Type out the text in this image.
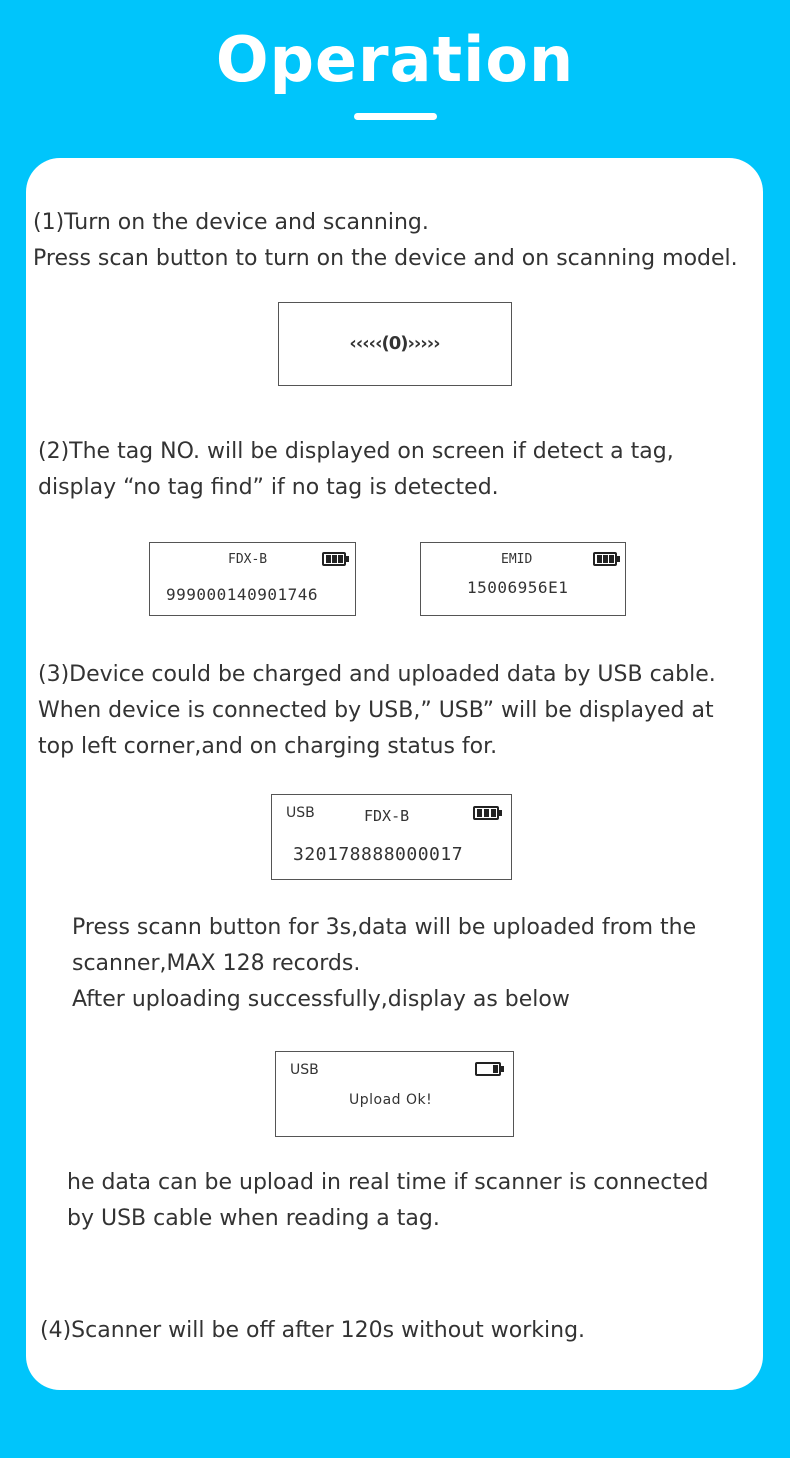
Operation
(1)Turn on the device and scanning.
Press scan button to turn on the device and on scanning model.
‹‹‹‹‹(0)›››››
(2)The tag NO. will be displayed on screen if detect a tag,
display “no tag find” if no tag is detected.
FDX-B
999000140901746
EMID
15006956E1
(3)Device could be charged and uploaded data by USB cable.
When device is connected by USB,” USB” will be displayed at
top left corner,and on charging status for.
USB	FDX-B
320178888000017
Press scann button for 3s,data will be uploaded from the
scanner,MAX 128 records.
After uploading successfully,display as below
USB
Upload Ok!
he data can be upload in real time if scanner is connected
by USB cable when reading a tag.
(4)Scanner will be off after 120s without working.
